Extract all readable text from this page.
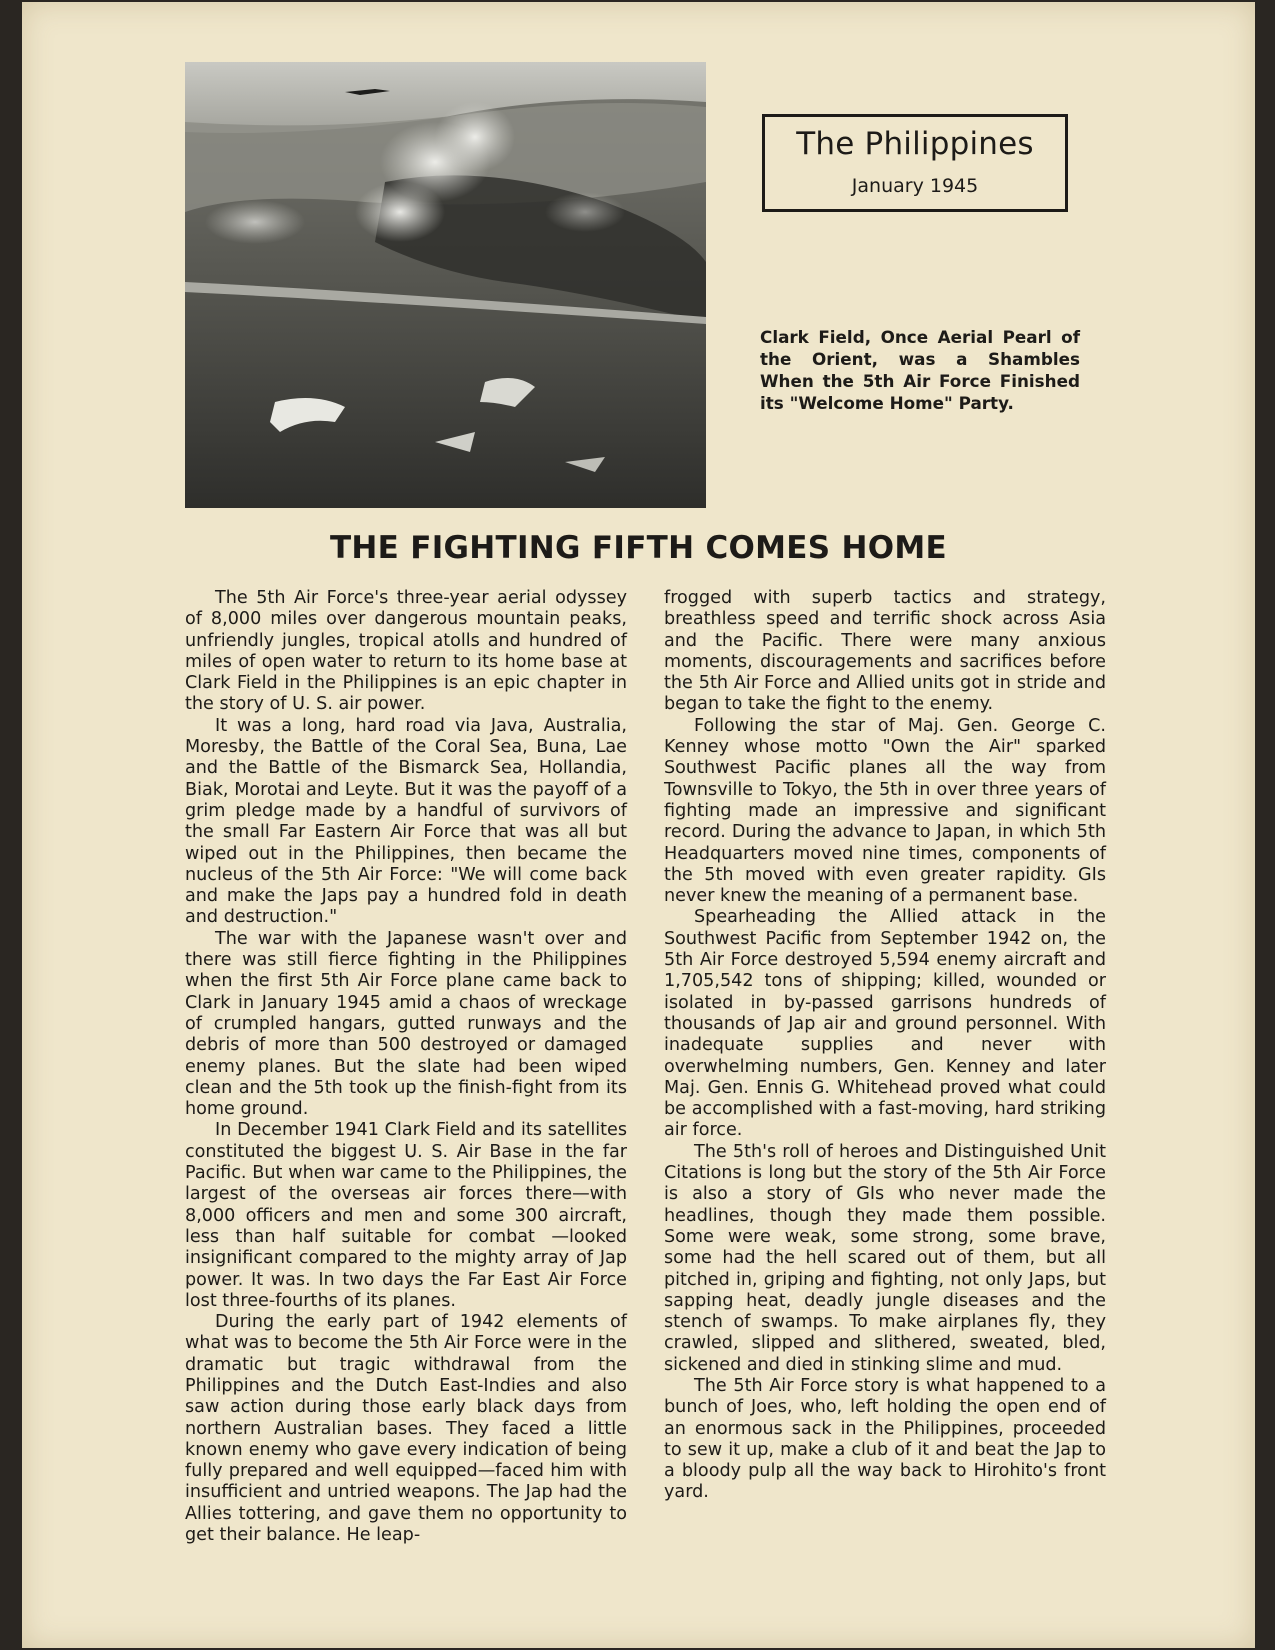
The Philippines
January 1945
Clark Field, Once Aerial Pearl of the Orient, was a Shambles When the 5th Air Force Finished its "Welcome Home" Party.
THE FIGHTING FIFTH COMES HOME

The 5th Air Force's three-year aerial odyssey of 8,000 miles over dangerous mountain peaks, unfriendly jungles, tropical atolls and hundred of miles of open water to return to its home base at Clark Field in the Philippines is an epic chapter in the story of U. S. air power.

It was a long, hard road via Java, Australia, Moresby, the Battle of the Coral Sea, Buna, Lae and the Battle of the Bismarck Sea, Hollandia, Biak, Morotai and Leyte. But it was the payoff of a grim pledge made by a handful of survivors of the small Far Eastern Air Force that was all but wiped out in the Philippines, then became the nucleus of the 5th Air Force: "We will come back and make the Japs pay a hundred fold in death and destruction."

The war with the Japanese wasn't over and there was still fierce fighting in the Philippines when the first 5th Air Force plane came back to Clark in January 1945 amid a chaos of wreckage of crumpled hangars, gutted runways and the debris of more than 500 destroyed or damaged enemy planes. But the slate had been wiped clean and the 5th took up the finish-fight from its home ground.

In December 1941 Clark Field and its satellites constituted the biggest U. S. Air Base in the far Pacific. But when war came to the Philippines, the largest of the overseas air forces there—with 8,000 officers and men and some 300 aircraft, less than half suitable for combat —looked insignificant compared to the mighty array of Jap power. It was. In two days the Far East Air Force lost three-fourths of its planes.

During the early part of 1942 elements of what was to become the 5th Air Force were in the dramatic but tragic withdrawal from the Philippines and the Dutch East-Indies and also saw action during those early black days from northern Australian bases. They faced a little known enemy who gave every indication of being fully prepared and well equipped—faced him with insufficient and untried weapons. The Jap had the Allies tottering, and gave them no opportunity to get their balance. He leap-

frogged with superb tactics and strategy, breathless speed and terrific shock across Asia and the Pacific. There were many anxious moments, discouragements and sacrifices before the 5th Air Force and Allied units got in stride and began to take the fight to the enemy.

Following the star of Maj. Gen. George C. Kenney whose motto "Own the Air" sparked Southwest Pacific planes all the way from Townsville to Tokyo, the 5th in over three years of fighting made an impressive and significant record. During the advance to Japan, in which 5th Headquarters moved nine times, components of the 5th moved with even greater rapidity. GIs never knew the meaning of a permanent base.

Spearheading the Allied attack in the Southwest Pacific from September 1942 on, the 5th Air Force destroyed 5,594 enemy aircraft and 1,705,542 tons of shipping; killed, wounded or isolated in by-passed garrisons hundreds of thousands of Jap air and ground personnel. With inadequate supplies and never with overwhelming numbers, Gen. Kenney and later Maj. Gen. Ennis G. Whitehead proved what could be accomplished with a fast-moving, hard striking air force.

The 5th's roll of heroes and Distinguished Unit Citations is long but the story of the 5th Air Force is also a story of GIs who never made the headlines, though they made them possible. Some were weak, some strong, some brave, some had the hell scared out of them, but all pitched in, griping and fighting, not only Japs, but sapping heat, deadly jungle diseases and the stench of swamps. To make airplanes fly, they crawled, slipped and slithered, sweated, bled, sickened and died in stinking slime and mud.

The 5th Air Force story is what happened to a bunch of Joes, who, left holding the open end of an enormous sack in the Philippines, proceeded to sew it up, make a club of it and beat the Jap to a bloody pulp all the way back to Hirohito's front yard.
